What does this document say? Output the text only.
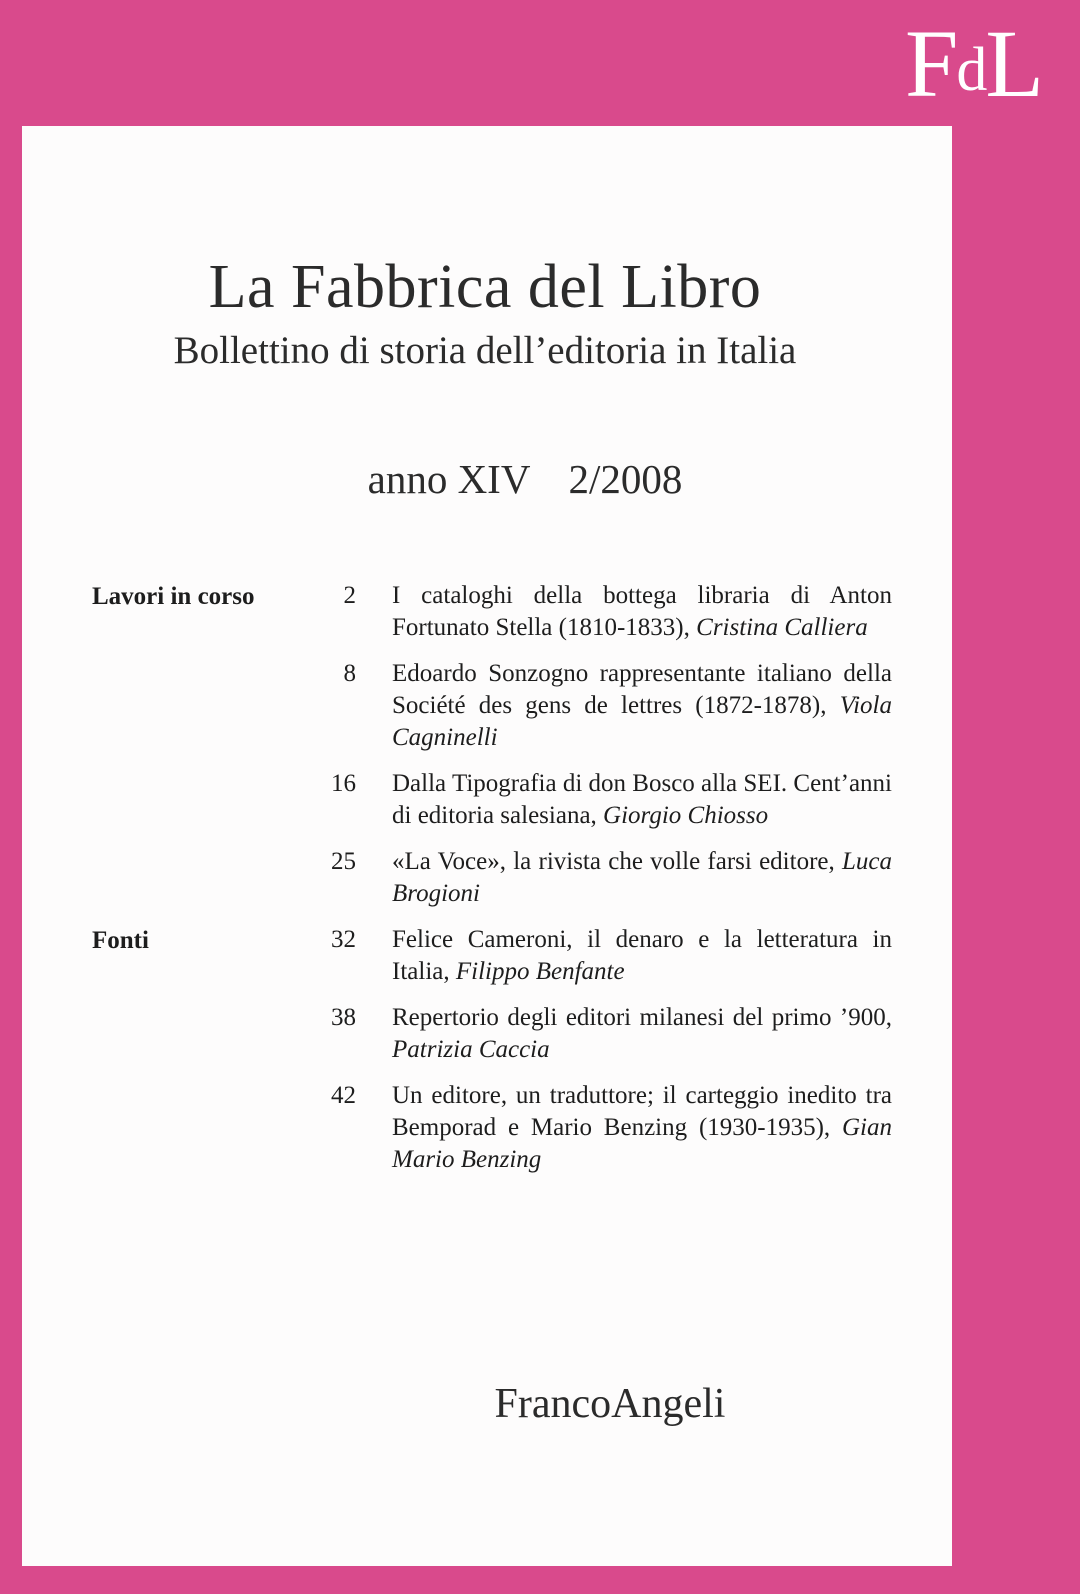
FdL
La Fabbrica del Libro
Bollettino di storia dell’editoria in Italia
anno XIV 2/2008
Lavori in corso	2	I cataloghi della bottega libraria di Anton Fortunato Stella (1810-1833), Cristina Calliera
8	Edoardo Sonzogno rappresentante italiano della Société des gens de lettres (1872-1878), Viola Cagninelli
16	Dalla Tipografia di don Bosco alla SEI. Cent’anni di editoria salesiana, Giorgio Chiosso
25	«La Voce», la rivista che volle farsi editore, Luca Brogioni
Fonti	32	Felice Cameroni, il denaro e la letteratura in Italia, Filippo Benfante
38	Repertorio degli editori milanesi del primo ’900, Patrizia Caccia
42	Un editore, un traduttore; il carteggio inedito tra Bemporad e Mario Benzing (1930-1935), Gian Mario Benzing
FrancoAngeli
